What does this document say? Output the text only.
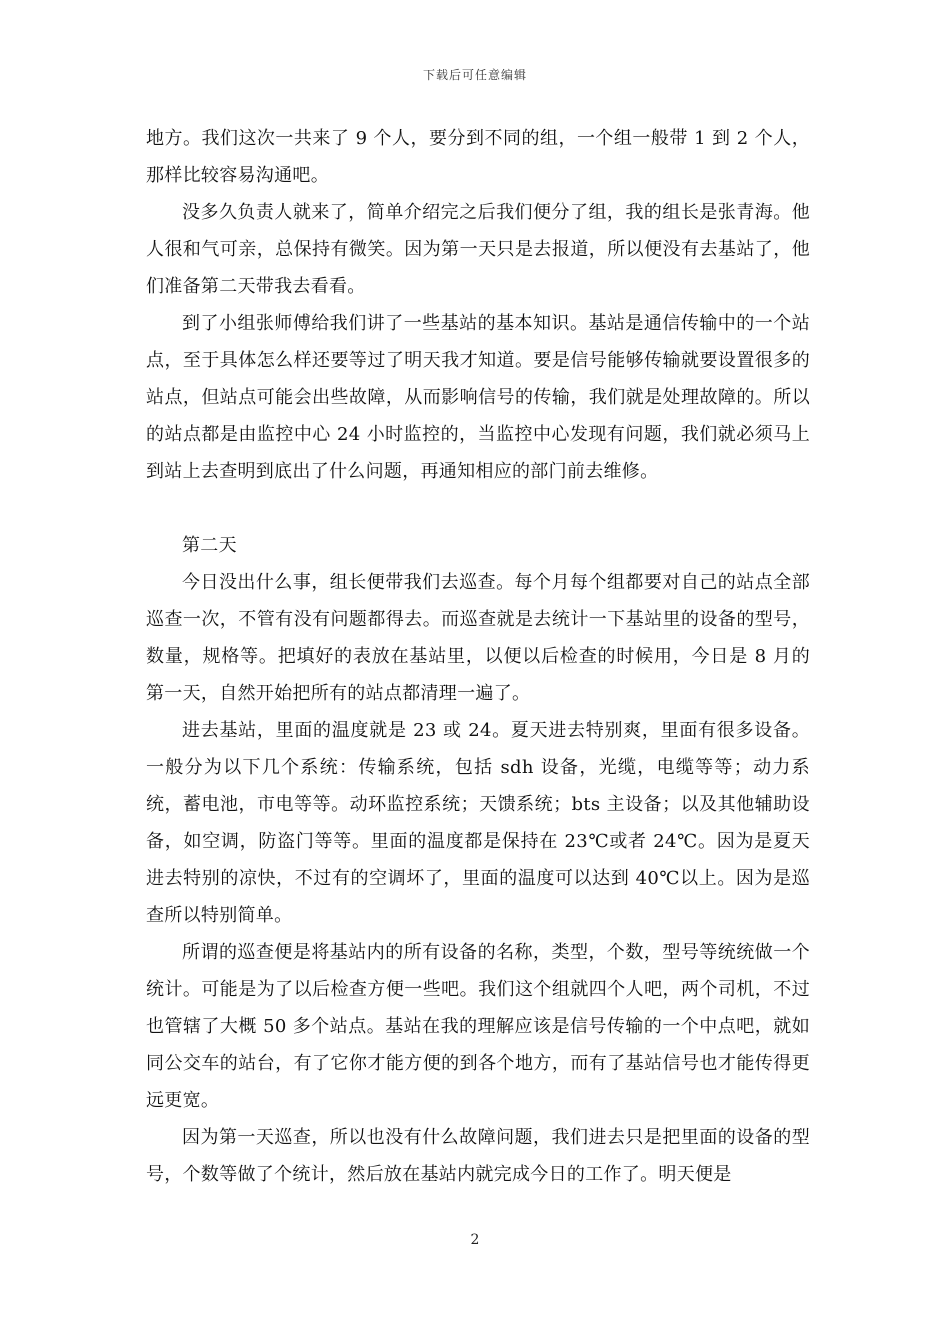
下载后可任意编辑

地方。我们这次一共来了 9 个人，要分到不同的组，一个组一般带 1 到 2 个人，那样比较容易沟通吧。

没多久负责人就来了，简单介绍完之后我们便分了组，我的组长是张青海。他人很和气可亲，总保持有微笑。因为第一天只是去报道，所以便没有去基站了，他们准备第二天带我去看看。

到了小组张师傅给我们讲了一些基站的基本知识。基站是通信传输中的一个站点，至于具体怎么样还要等过了明天我才知道。要是信号能够传输就要设置很多的站点，但站点可能会出些故障，从而影响信号的传输，我们就是处理故障的。所以的站点都是由监控中心 24 小时监控的，当监控中心发现有问题，我们就必须马上到站上去查明到底出了什么问题，再通知相应的部门前去维修。

第二天

今日没出什么事，组长便带我们去巡查。每个月每个组都要对自己的站点全部巡查一次，不管有没有问题都得去。而巡查就是去统计一下基站里的设备的型号，数量，规格等。把填好的表放在基站里，以便以后检查的时候用，今日是 8 月的第一天，自然开始把所有的站点都清理一遍了。

进去基站，里面的温度就是 23 或 24。夏天进去特别爽，里面有很多设备。一般分为以下几个系统：传输系统，包括 sdh 设备，光缆，电缆等等；动力系统，蓄电池，市电等等。动环监控系统；天馈系统；bts 主设备；以及其他辅助设备，如空调，防盗门等等。里面的温度都是保持在 23℃或者 24℃。因为是夏天进去特别的凉快，不过有的空调坏了，里面的温度可以达到 40℃以上。因为是巡查所以特别简单。

所谓的巡查便是将基站内的所有设备的名称，类型，个数，型号等统统做一个统计。可能是为了以后检查方便一些吧。我们这个组就四个人吧，两个司机，不过也管辖了大概 50 多个站点。基站在我的理解应该是信号传输的一个中点吧，就如同公交车的站台，有了它你才能方便的到各个地方，而有了基站信号也才能传得更远更宽。

因为第一天巡查，所以也没有什么故障问题，我们进去只是把里面的设备的型号，个数等做了个统计，然后放在基站内就完成今日的工作了。明天便是

2
